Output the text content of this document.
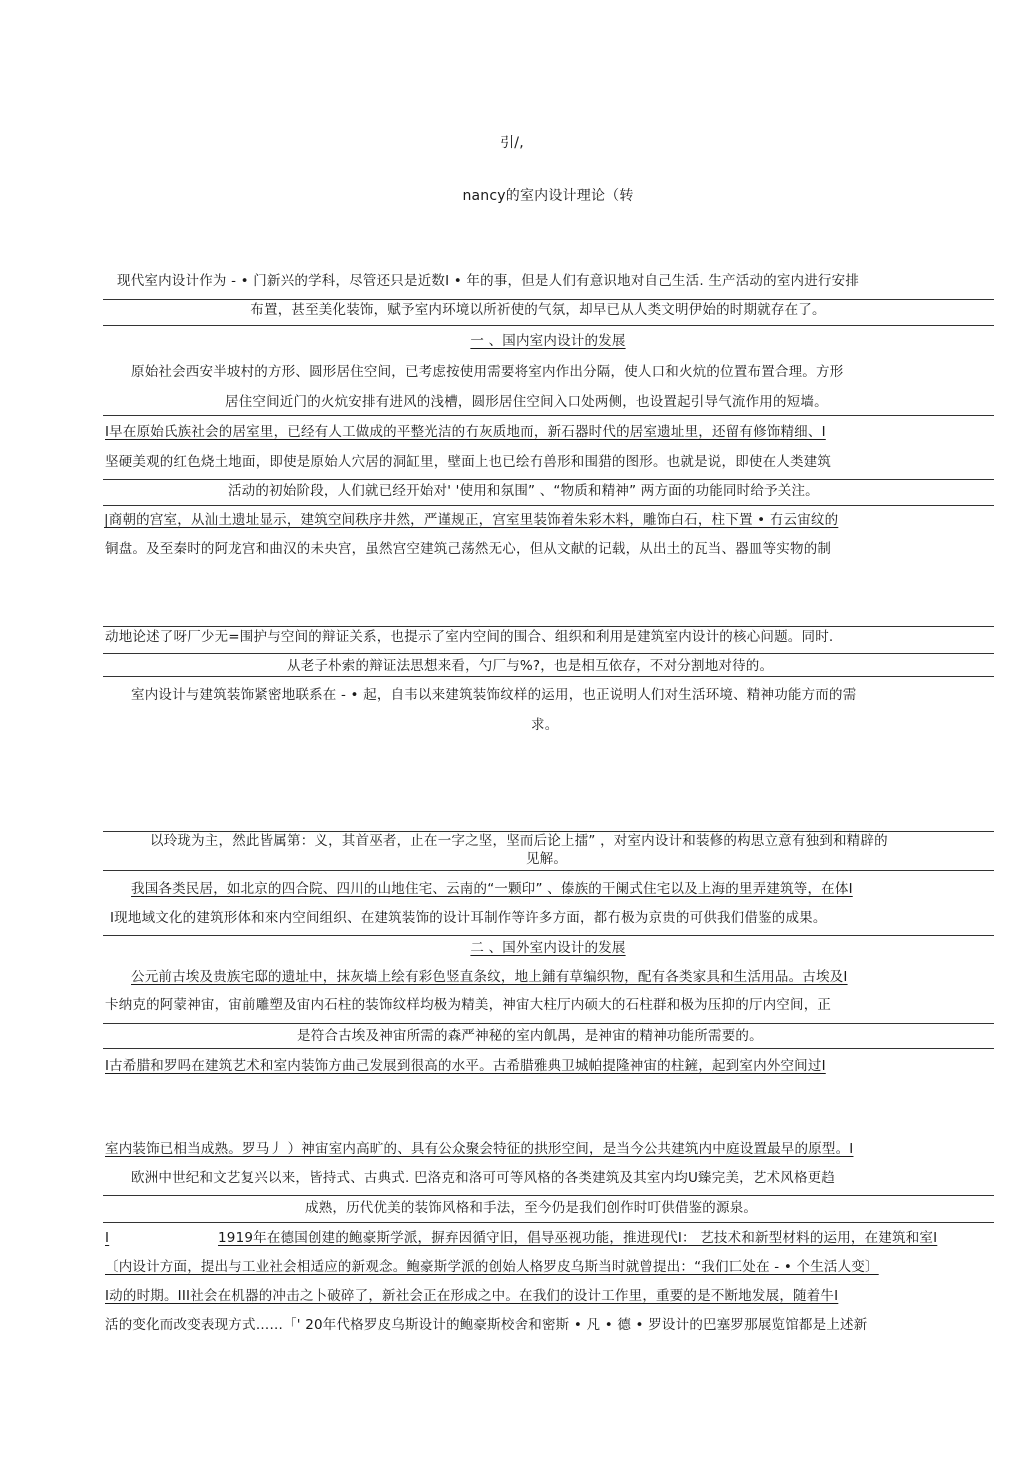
引/,
nancy的室内设计理论（转
现代室内设计作为 - • 门新兴的学科，尽管还只是近数I • 年的事，但是人们有意识地对自己生活. 生产活动的室内进行安排
布置，甚至美化装饰，赋予室内环境以所祈使的气氛，却早已从人类文明伊始的时期就存在了。
一 、国内室内设计的发展
原始社会西安半坡村的方形、圆形居住空间，已考虑按使用需要将室内作出分隔，使人口和火炕的位置布置合理。方形
居住空间近门的火炕安排有进风的浅槽，圆形居住空间入口处两侧，也设置起引导气流作用的短墙。
I早在原始氏族社会的居室里，已经有人工做成的平整光洁的冇灰质地而，新石器时代的居室遗址里，还留有修饰精细、I
坚硬美观的红色烧土地面，即使是原始人穴居的洞缸里，壁面上也已绘冇兽形和围猎的图形。也就是说，即使在人类建筑
活动的初始阶段，人们就已经开始对' '使用和氛围” 、“物质和精神” 两方面的功能同时给予关注。
|商朝的宫室，从汕土遗址显示，建筑空间秩序井然，严谨规正，宫室里装饰着朱彩木料，雕饰白石，柱下置 • 冇云宙纹的
铜盘。及至秦时的阿龙宫和曲汉的未央宫，虽然宫空建筑己荡然无心，但从文献的记载，从出土的瓦当、器皿等实物的制
动地论述了呀厂少无=围护与空间的辩证关系，也提示了室内空间的围合、组织和利用是建筑室内设计的核心问题。同时.
从老子朴索的辩证法思想来看，勺厂与%?，也是相互依存，不对分割地对待的。
室内设计与建筑装饰紧密地联系在 - • 起，自韦以来建筑装饰纹样的运用，也正说明人们对生活环境、精神功能方而的需
求。
以玲珑为主，然此皆属第：义，其首巫者，止在一字之坚，坚而后论上擂” ，对室内设计和装修的构思立意有独到和精辟的
见解。
我国各类民居，如北京的四合院、四川的山地住宅、云南的“一颗印” 、傣族的干阑式住宅以及上海的里弄建筑等，在体I
I现地域文化的建筑形体和來内空间组织、在建筑装饰的设计耳制作等许多方面，都冇极为京贵的可供我们借鉴的成果。
二 、国外室内设计的发展
公元前古埃及贵族宅邸的遗址中，抹灰墙上绘有彩色竖直条纹，地上鋪有草编织物，配有各类家具和生活用品。古埃及I
卡纳克的阿蒙神宙，宙前雕塑及宙内石柱的装饰纹样均极为精美，神宙大柱厅内硕大的石柱群和极为压抑的厅内空间，正
是符合古埃及神宙所需的森严神秘的室内飢禺，是神宙的精神功能所需要的。
I古希腊和罗吗在建筑艺术和室内装饰方曲己发展到很高的水平。古希腊雅典卫城帕提隆神宙的柱鏟，起到室内外空间过I
室内装饰已相当成熟。罗马丿 ）神宙室内高旷的、具有公众聚会特征的拱形空间，是当今公共建筑内中庭设置最早的原型。I
欧洲中世纪和文艺复兴以来，皆持式、古典式. 巴洛克和洛可可等风格的各类建筑及其室内均U臻完美，艺术风格更趋
成熟，历代优美的装饰风格和手法，至今仍是我们创作时叮供借鉴的源泉。
I	1919年在德国创建的鲍豪斯学派，摒弃因循守旧，倡导巫视功能，推进现代I： 艺技术和新型材料的运用，在建筑和室I
〔内设计方面，提出与工业社会相适应的新观念。鲍豪斯学派的创始人格罗皮乌斯当时就曾提出：“我们匸处在 - • 个生活人变〕
I动的时期。III社会在机器的冲击之卜破碎了，新社会正在形成之中。在我们的设计工作里，重要的是不断地发展，随着牛I
活的变化而改变表现方式……「' 20年代格罗皮乌斯设计的鲍豪斯校舍和密斯 • 凡 • 德 • 罗设计的巴塞罗那展览馆都是上述新
